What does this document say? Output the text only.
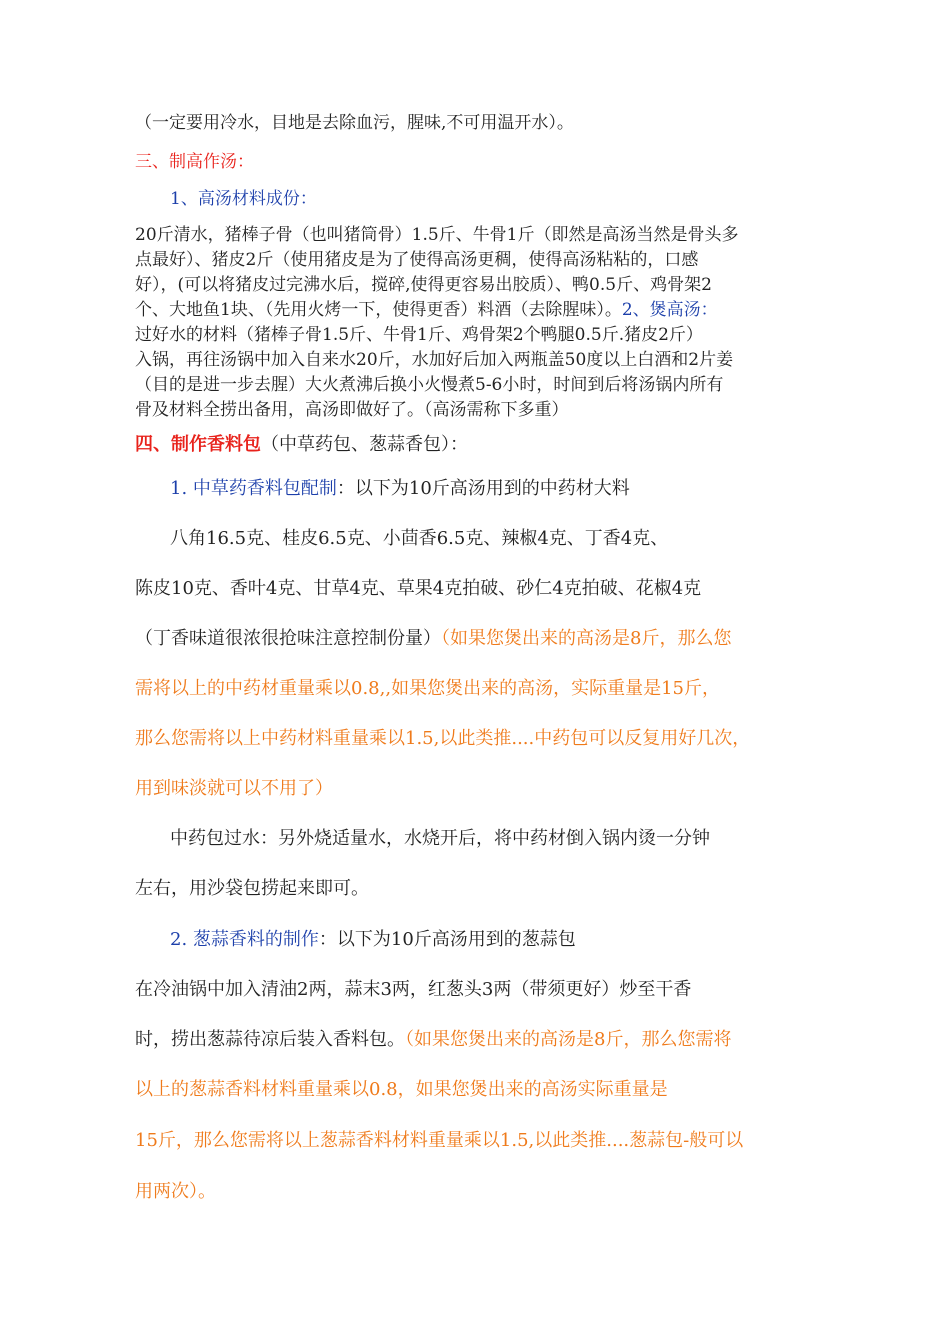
（一定要用冷水，目地是去除血污，腥味,不可用温开水）。
三、制高作汤：
1、高汤材料成份：
20斤清水，猪棒子骨（也叫猪筒骨）1.5斤、牛骨1斤（即然是高汤当然是骨头多
点最好）、猪皮2斤（使用猪皮是为了使得高汤更稠，使得高汤粘粘的，口感
好），(可以将猪皮过完沸水后，搅碎,使得更容易出胶质）、鸭0.5斤、鸡骨架2
个、大地鱼1块、（先用火烤一下，使得更香）料酒（去除腥味）。2、煲高汤：
过好水的材料（猪棒子骨1.5斤、牛骨1斤、鸡骨架2个鸭腿0.5斤.猪皮2斤）
入锅，再往汤锅中加入自来水20斤，水加好后加入两瓶盖50度以上白酒和2片姜
（目的是进一步去腥）大火煮沸后换小火慢煮5-6小时，时间到后将汤锅内所有
骨及材料全捞出备用，高汤即做好了。（高汤需称下多重）
四、制作香料包（中草药包、葱蒜香包）：
1. 中草药香料包配制：以下为10斤高汤用到的中药材大料
八角16.5克、桂皮6.5克、小茴香6.5克、辣椒4克、丁香4克、
陈皮10克、香叶4克、甘草4克、草果4克拍破、砂仁4克拍破、花椒4克
（丁香味道很浓很抢味注意控制份量）（如果您煲出来的高汤是8斤，那么您
需将以上的中药材重量乘以0.8,,如果您煲出来的高汤，实际重量是15斤，
那么您需将以上中药材料重量乘以1.5,以此类推....中药包可以反复用好几次，
用到味淡就可以不用了）
中药包过水：另外烧适量水，水烧开后，将中药材倒入锅内烫一分钟
左右，用沙袋包捞起来即可。
2. 葱蒜香料的制作：以下为10斤高汤用到的葱蒜包
在冷油锅中加入清油2两，蒜末3两，红葱头3两（带须更好）炒至干香
时，捞出葱蒜待凉后装入香料包。（如果您煲出来的高汤是8斤，那么您需将
以上的葱蒜香料材料重量乘以0.8，如果您煲出来的高汤实际重量是
15斤，那么您需将以上葱蒜香料材料重量乘以1.5,以此类推....葱蒜包-般可以
用两次）。
